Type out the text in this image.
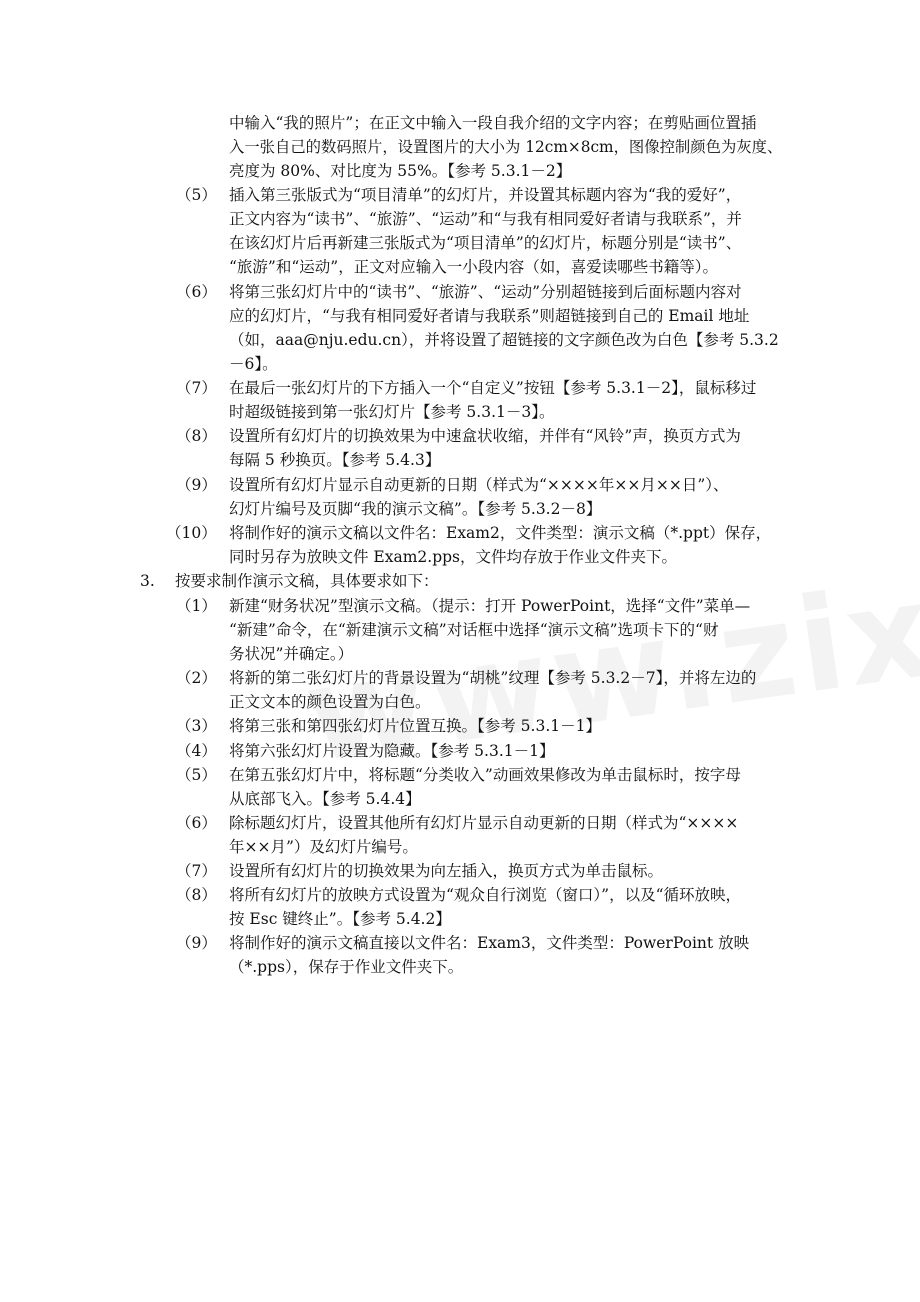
中输入“我的照片”；在正文中输入一段自我介绍的文字内容；在剪贴画位置插
入一张自己的数码照片，设置图片的大小为 12cm×8cm，图像控制颜色为灰度、
亮度为 80%、对比度为 55%。【参考 5.3.1－2】
（5） 插入第三张版式为“项目清单”的幻灯片，并设置其标题内容为“我的爱好”，
正文内容为“读书”、“旅游”、“运动”和“与我有相同爱好者请与我联系”，并
在该幻灯片后再新建三张版式为“项目清单”的幻灯片，标题分别是“读书”、
“旅游”和“运动”，正文对应输入一小段内容（如，喜爱读哪些书籍等）。
（6） 将第三张幻灯片中的“读书”、“旅游”、“运动”分别超链接到后面标题内容对
应的幻灯片，“与我有相同爱好者请与我联系”则超链接到自己的 Email 地址
（如，aaa@nju.edu.cn），并将设置了超链接的文字颜色改为白色【参考 5.3.2
－6】。
（7） 在最后一张幻灯片的下方插入一个“自定义”按钮【参考 5.3.1－2】，鼠标移过
时超级链接到第一张幻灯片【参考 5.3.1－3】。
（8） 设置所有幻灯片的切换效果为中速盒状收缩，并伴有“风铃”声，换页方式为
每隔 5 秒换页。【参考 5.4.3】
（9） 设置所有幻灯片显示自动更新的日期（样式为“××××年××月××日”）、
幻灯片编号及页脚“我的演示文稿”。【参考 5.3.2－8】
（10） 将制作好的演示文稿以文件名：Exam2，文件类型：演示文稿（*.ppt）保存，
同时另存为放映文件 Exam2.pps，文件均存放于作业文件夹下。
3. 按要求制作演示文稿，具体要求如下：
（1） 新建“财务状况”型演示文稿。（提示：打开 PowerPoint，选择“文件”菜单—
“新建”命令，在“新建演示文稿”对话框中选择“演示文稿”选项卡下的“财
务状况”并确定。）
（2） 将新的第二张幻灯片的背景设置为“胡桃”纹理【参考 5.3.2－7】，并将左边的
正文文本的颜色设置为白色。
（3） 将第三张和第四张幻灯片位置互换。【参考 5.3.1－1】
（4） 将第六张幻灯片设置为隐藏。【参考 5.3.1－1】
（5） 在第五张幻灯片中，将标题“分类收入”动画效果修改为单击鼠标时，按字母
从底部飞入。【参考 5.4.4】
（6） 除标题幻灯片，设置其他所有幻灯片显示自动更新的日期（样式为“××××
年××月”）及幻灯片编号。
（7） 设置所有幻灯片的切换效果为向左插入，换页方式为单击鼠标。
（8） 将所有幻灯片的放映方式设置为“观众自行浏览（窗口）”，以及“循环放映，
按 Esc 键终止”。【参考 5.4.2】
（9） 将制作好的演示文稿直接以文件名：Exam3，文件类型：PowerPoint 放映
（*.pps），保存于作业文件夹下。
